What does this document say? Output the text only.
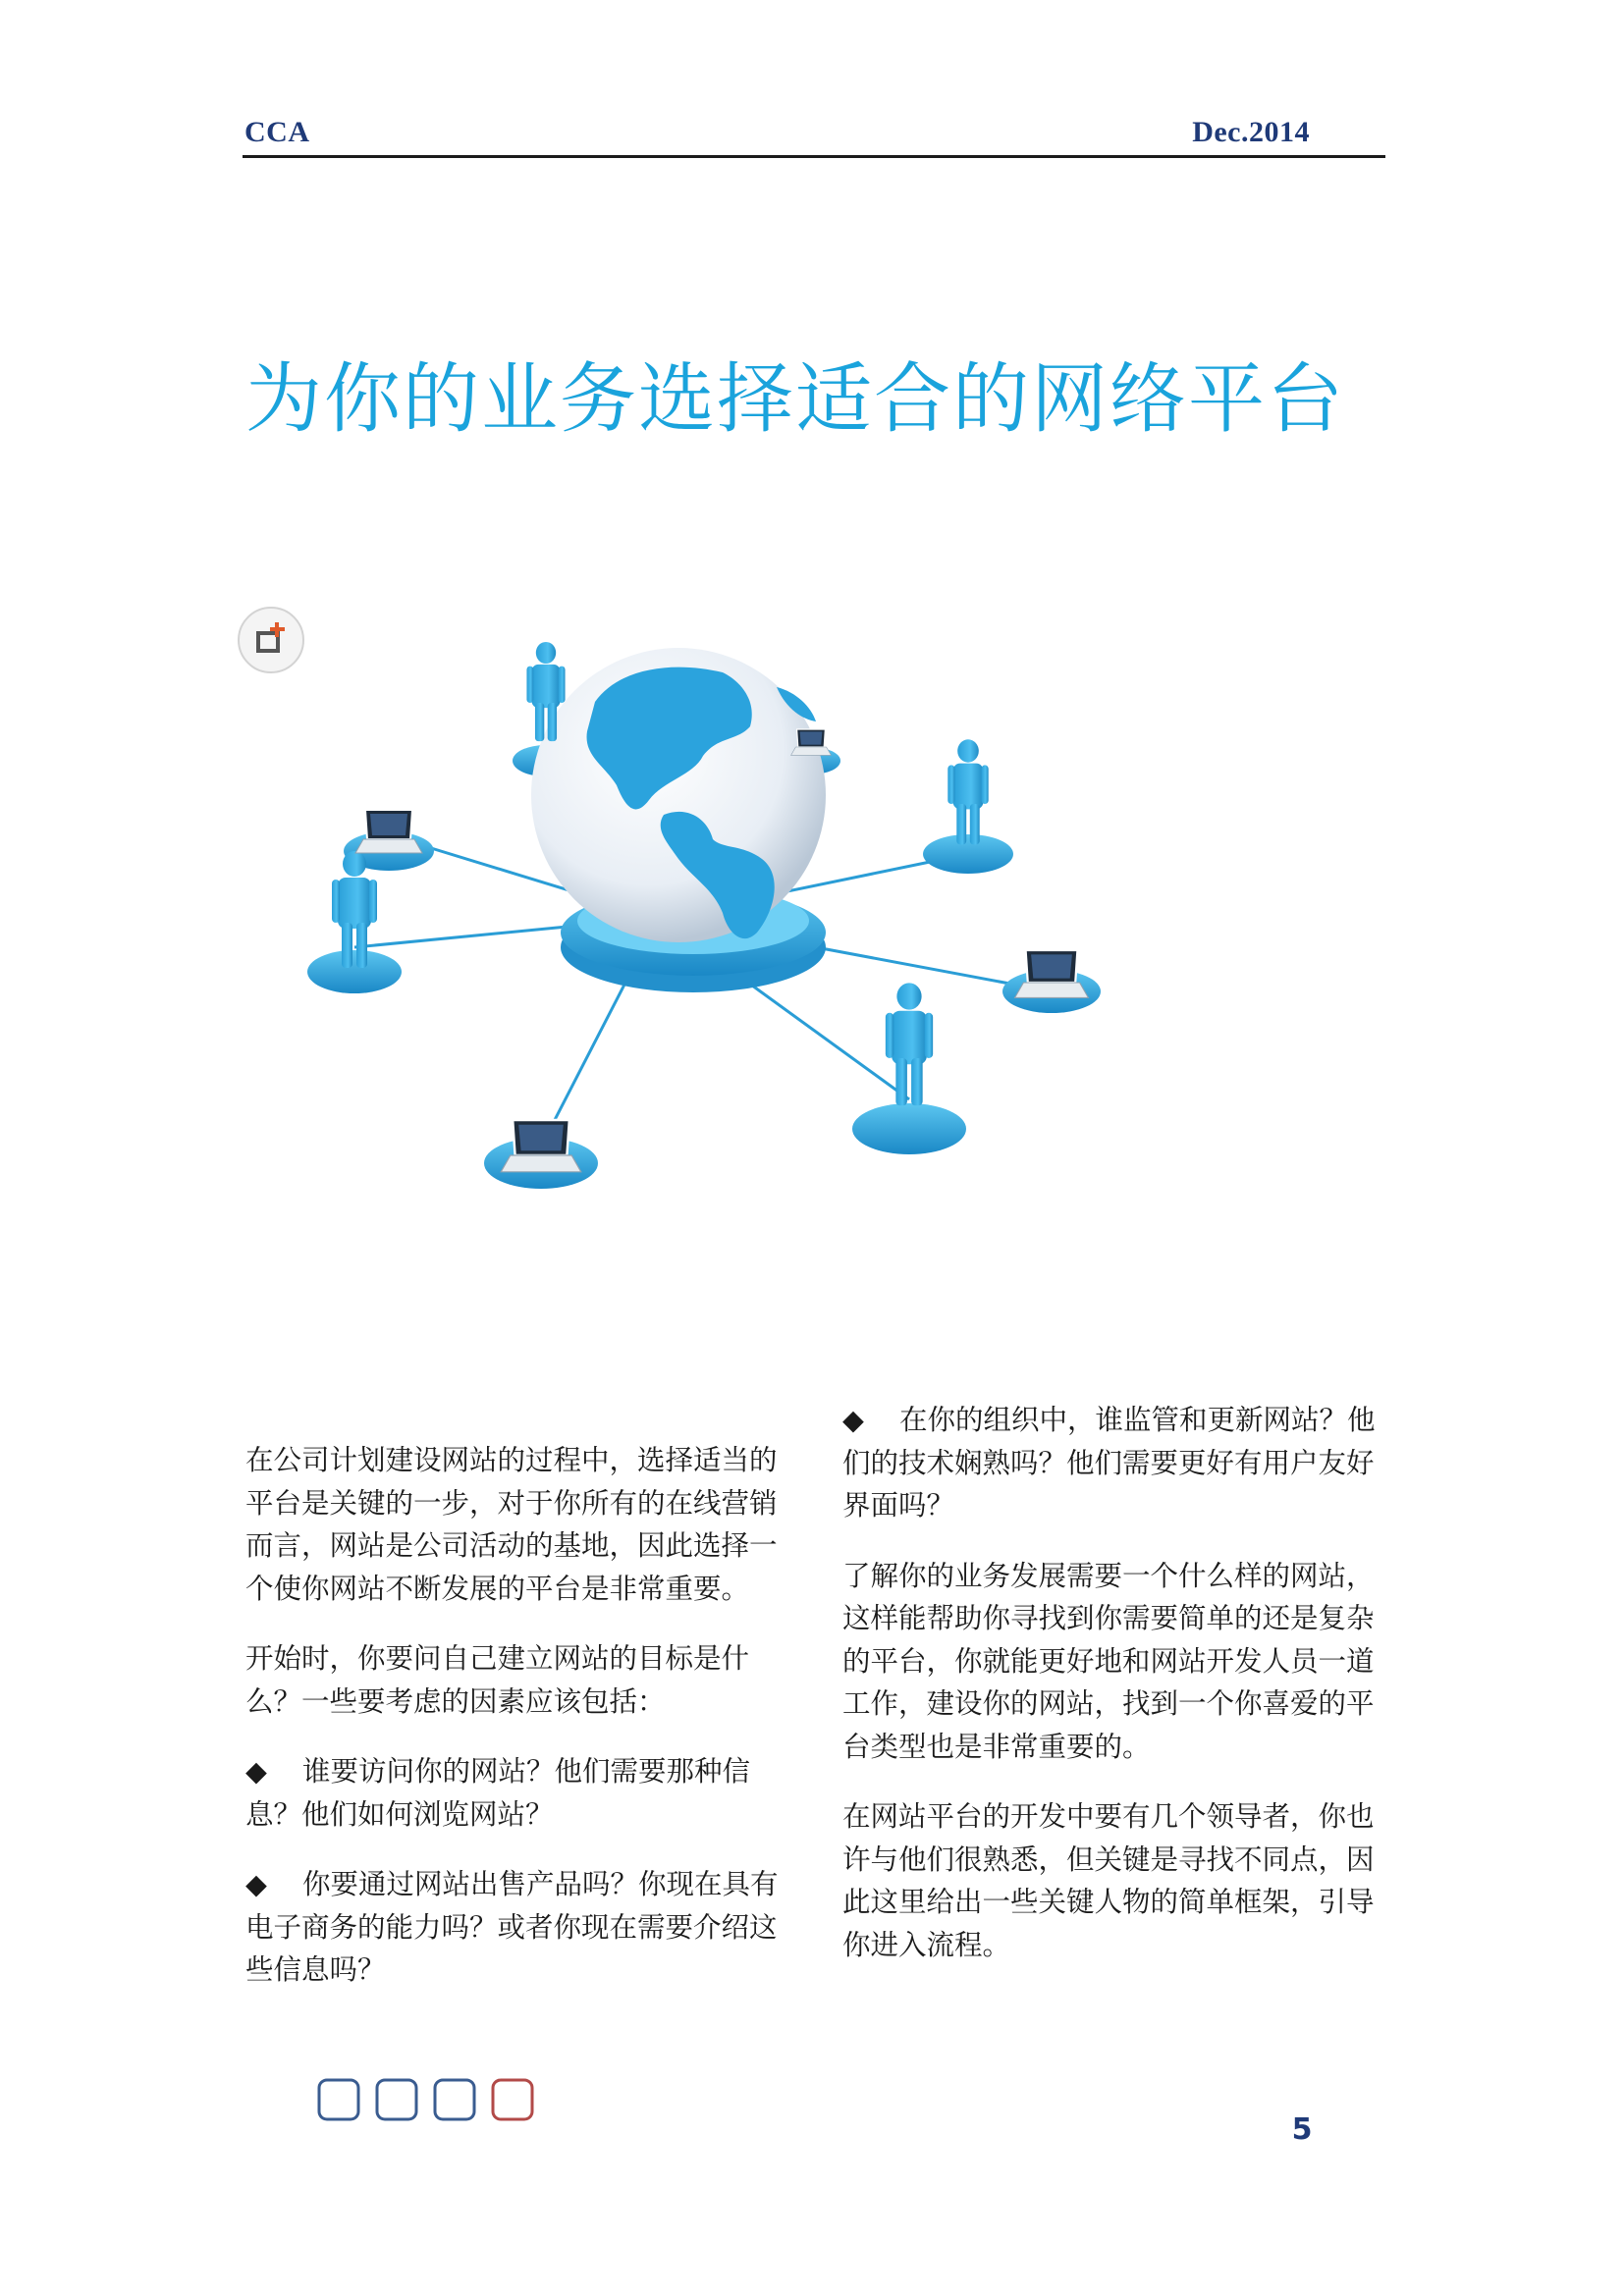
CCA	Dec.2014
为你的业务选择适合的网络平台

在公司计划建设网站的过程中，选择适当的
平台是关键的一步，对于你所有的在线营销
而言，网站是公司活动的基地，因此选择一
个使你网站不断发展的平台是非常重要。

开始时，你要问自己建立网站的目标是什
么？一些要考虑的因素应该包括：

◆ 谁要访问你的网站？他们需要那种信
息？他们如何浏览网站？

◆ 你要通过网站出售产品吗？你现在具有
电子商务的能力吗？或者你现在需要介绍这
些信息吗？

◆ 在你的组织中，谁监管和更新网站？他
们的技术娴熟吗？他们需要更好有用户友好
界面吗？

了解你的业务发展需要一个什么样的网站，
这样能帮助你寻找到你需要简单的还是复杂
的平台，你就能更好地和网站开发人员一道
工作，建设你的网站，找到一个你喜爱的平
台类型也是非常重要的。

在网站平台的开发中要有几个领导者，你也
许与他们很熟悉，但关键是寻找不同点，因
此这里给出一些关键人物的简单框架，引导
你进入流程。

5
